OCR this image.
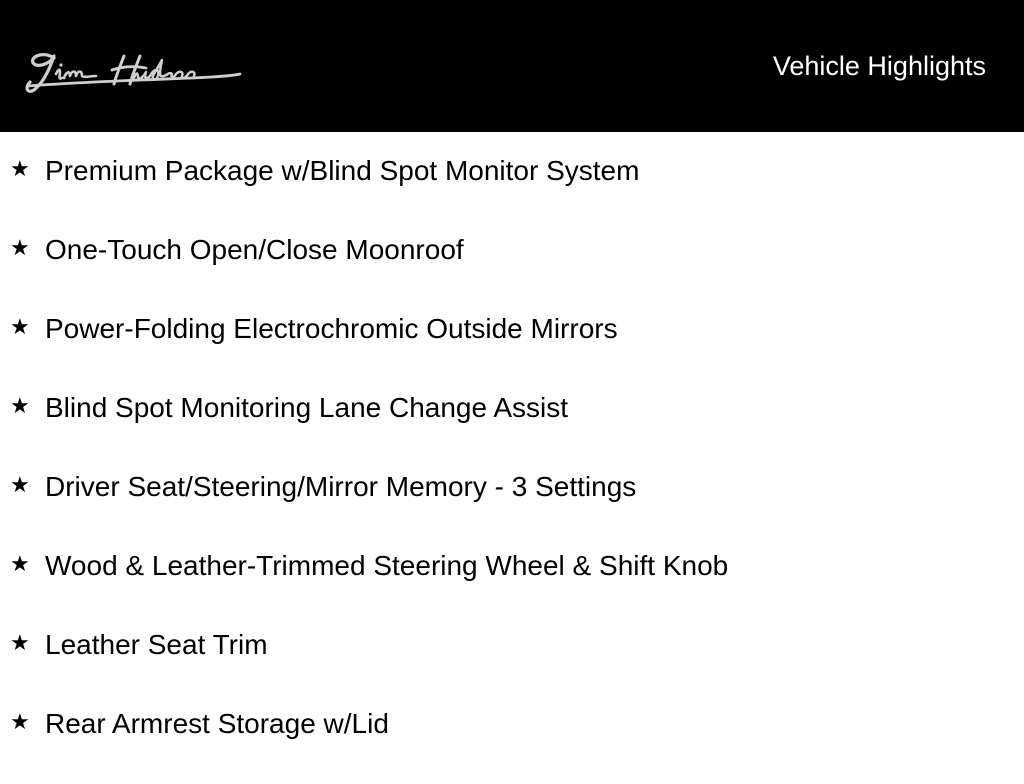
Vehicle Highlights
★ Premium Package w/Blind Spot Monitor System
★ One-Touch Open/Close Moonroof
★ Power-Folding Electrochromic Outside Mirrors
★ Blind Spot Monitoring Lane Change Assist
★ Driver Seat/Steering/Mirror Memory - 3 Settings
★ Wood & Leather-Trimmed Steering Wheel & Shift Knob
★ Leather Seat Trim
★ Rear Armrest Storage w/Lid
